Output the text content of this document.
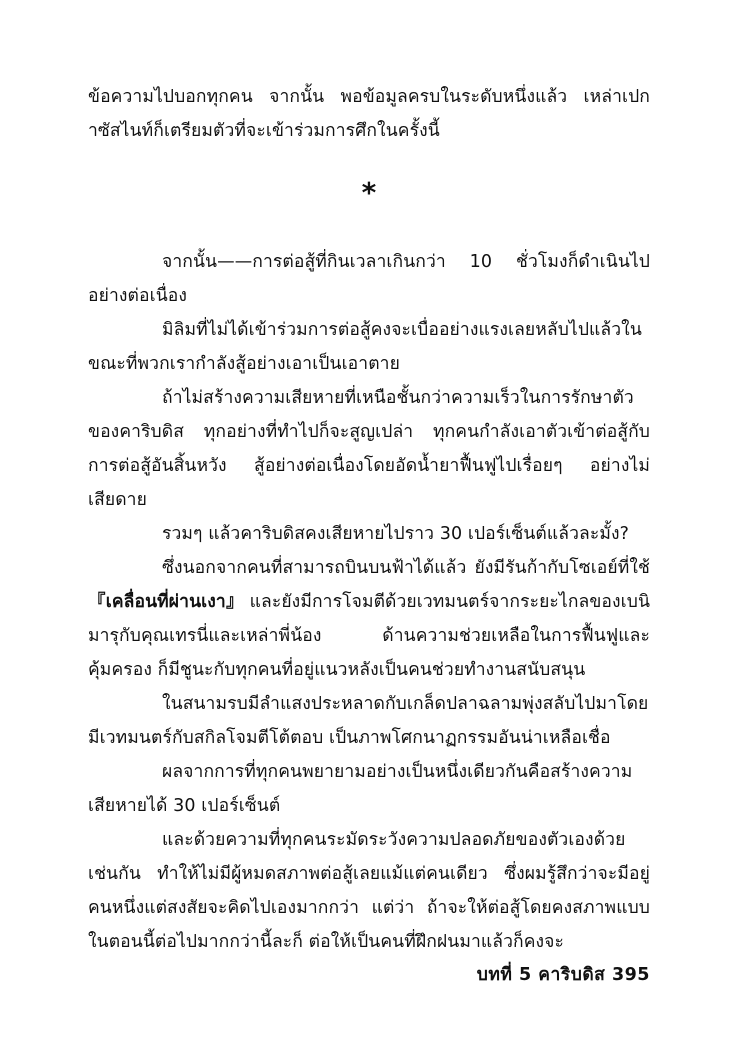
ข้อความไปบอกทุกคน จากนั้น พอข้อมูลครบในระดับหนึ่งแล้ว เหล่าเปกาซัสไนท์ก็เตรียมตัวที่จะเข้าร่วมการศึกในครั้งนี้

*

จากนั้น——การต่อสู้ที่กินเวลาเกินกว่า 10 ชั่วโมงก็ดำเนินไปอย่างต่อเนื่อง

มิลิมที่ไม่ได้เข้าร่วมการต่อสู้คงจะเบื่ออย่างแรงเลยหลับไปแล้วในขณะที่พวกเรากำลังสู้อย่างเอาเป็นเอาตาย

ถ้าไม่สร้างความเสียหายที่เหนือชั้นกว่าความเร็วในการรักษาตัวของคาริบดิส ทุกอย่างที่ทำไปก็จะสูญเปล่า ทุกคนกำลังเอาตัวเข้าต่อสู้กับการต่อสู้อันสิ้นหวัง สู้อย่างต่อเนื่องโดยอัดน้ำยาฟื้นฟูไปเรื่อยๆ อย่างไม่เสียดาย

รวมๆ แล้วคาริบดิสคงเสียหายไปราว 30 เปอร์เซ็นต์แล้วละมั้ง?

ซึ่งนอกจากคนที่สามารถบินบนฟ้าได้แล้ว ยังมีรันก้ากับโซเอย์ที่ใช้ 『เคลื่อนที่ผ่านเงา』 และยังมีการโจมตีด้วยเวทมนตร์จากระยะไกลของเบนิมารุกับคุณเทรนี่และเหล่าพี่น้อง ด้านความช่วยเหลือในการฟื้นฟูและคุ้มครอง ก็มีชูนะกับทุกคนที่อยู่แนวหลังเป็นคนช่วยทำงานสนับสนุน

ในสนามรบมีลำแสงประหลาดกับเกล็ดปลาฉลามพุ่งสลับไปมาโดยมีเวทมนตร์กับสกิลโจมตีโต้ตอบ เป็นภาพโศกนาฏกรรมอันน่าเหลือเชื่อ

ผลจากการที่ทุกคนพยายามอย่างเป็นหนึ่งเดียวกันคือสร้างความเสียหายได้ 30 เปอร์เซ็นต์

และด้วยความที่ทุกคนระมัดระวังความปลอดภัยของตัวเองด้วยเช่นกัน ทำให้ไม่มีผู้หมดสภาพต่อสู้เลยแม้แต่คนเดียว ซึ่งผมรู้สึกว่าจะมีอยู่คนหนึ่งแต่สงสัยจะคิดไปเองมากกว่า แต่ว่า ถ้าจะให้ต่อสู้โดยคงสภาพแบบในตอนนี้ต่อไปมากกว่านี้ละก็ ต่อให้เป็นคนที่ฝึกฝนมาแล้วก็คงจะ

บทที่ 5 คาริบดิส 395
